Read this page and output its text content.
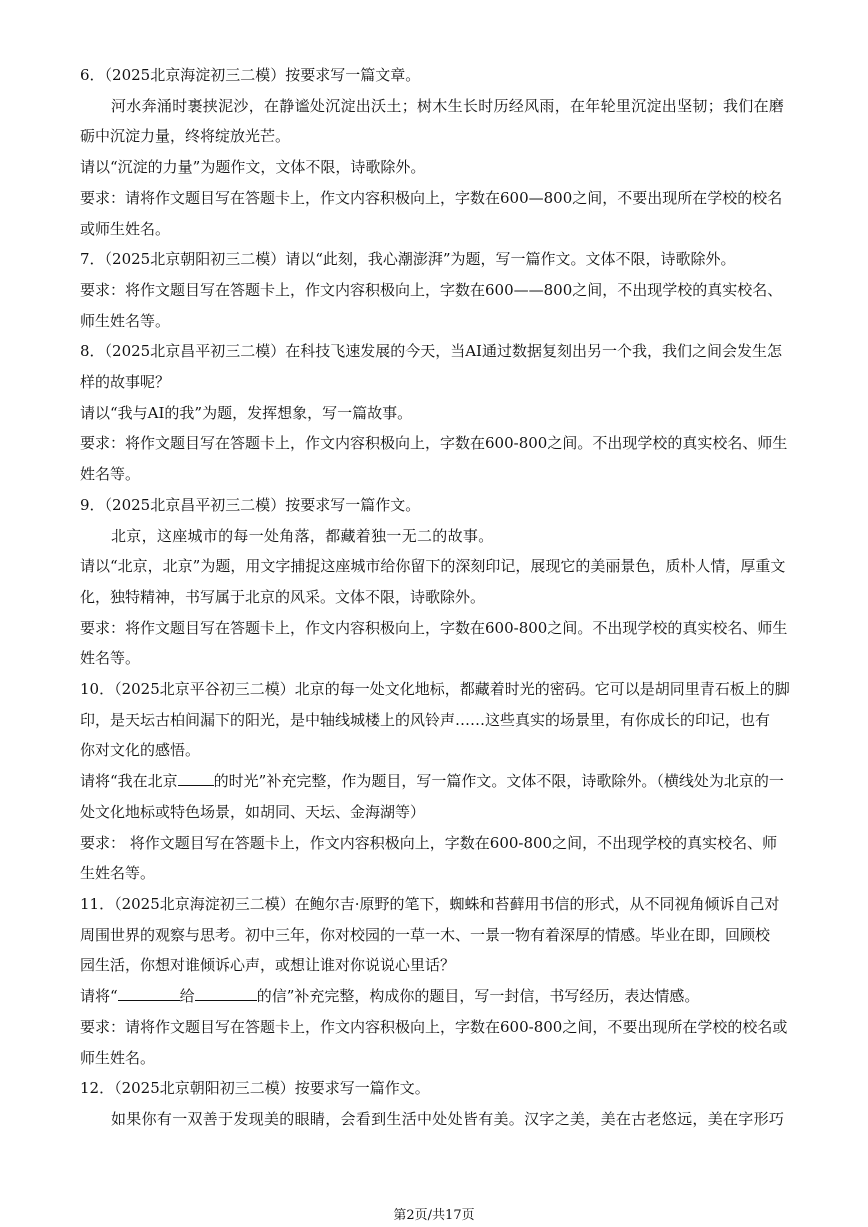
6．（2025北京海淀初三二模）按要求写一篇文章。
河水奔涌时裹挟泥沙，在静谧处沉淀出沃土；树木生长时历经风雨，在年轮里沉淀出坚韧；我们在磨
砺中沉淀力量，终将绽放光芒。
请以“沉淀的力量”为题作文，文体不限，诗歌除外。
要求：请将作文题目写在答题卡上，作文内容积极向上，字数在600—800之间，不要出现所在学校的校名
或师生姓名。
7．（2025北京朝阳初三二模）请以“此刻，我心潮澎湃”为题，写一篇作文。文体不限，诗歌除外。
要求：将作文题目写在答题卡上，作文内容积极向上，字数在600——800之间，不出现学校的真实校名、
师生姓名等。
8．（2025北京昌平初三二模）在科技飞速发展的今天，当AI通过数据复刻出另一个我，我们之间会发生怎
样的故事呢？
请以“我与AI的我”为题，发挥想象，写一篇故事。
要求：将作文题目写在答题卡上，作文内容积极向上，字数在600-800之间。不出现学校的真实校名、师生
姓名等。
9．（2025北京昌平初三二模）按要求写一篇作文。
北京，这座城市的每一处角落，都藏着独一无二的故事。
请以“北京，北京”为题，用文字捕捉这座城市给你留下的深刻印记，展现它的美丽景色，质朴人情，厚重文
化，独特精神，书写属于北京的风采。文体不限，诗歌除外。
要求：将作文题目写在答题卡上，作文内容积极向上，字数在600-800之间。不出现学校的真实校名、师生
姓名等。
10．（2025北京平谷初三二模）北京的每一处文化地标，都藏着时光的密码。它可以是胡同里青石板上的脚
印，是天坛古柏间漏下的阳光，是中轴线城楼上的风铃声……这些真实的场景里，有你成长的印记，也有
你对文化的感悟。
请将“我在北京 的时光”补充完整，作为题目，写一篇作文。文体不限，诗歌除外。（横线处为北京的一
处文化地标或特色场景，如胡同、天坛、金海湖等）
要求： 将作文题目写在答题卡上，作文内容积极向上，字数在600-800之间，不出现学校的真实校名、师
生姓名等。
11．（2025北京海淀初三二模）在鲍尔吉·原野的笔下，蜘蛛和苔藓用书信的形式，从不同视角倾诉自己对
周围世界的观察与思考。初中三年，你对校园的一草一木、一景一物有着深厚的情感。毕业在即，回顾校
园生活，你想对谁倾诉心声，或想让谁对你说说心里话？
请将“	给	的信”补充完整，构成你的题目，写一封信，书写经历，表达情感。
要求：请将作文题目写在答题卡上，作文内容积极向上，字数在600-800之间，不要出现所在学校的校名或
师生姓名。
12．（2025北京朝阳初三二模）按要求写一篇作文。
如果你有一双善于发现美的眼睛，会看到生活中处处皆有美。汉字之美，美在古老悠远，美在字形巧
第2页/共17页
